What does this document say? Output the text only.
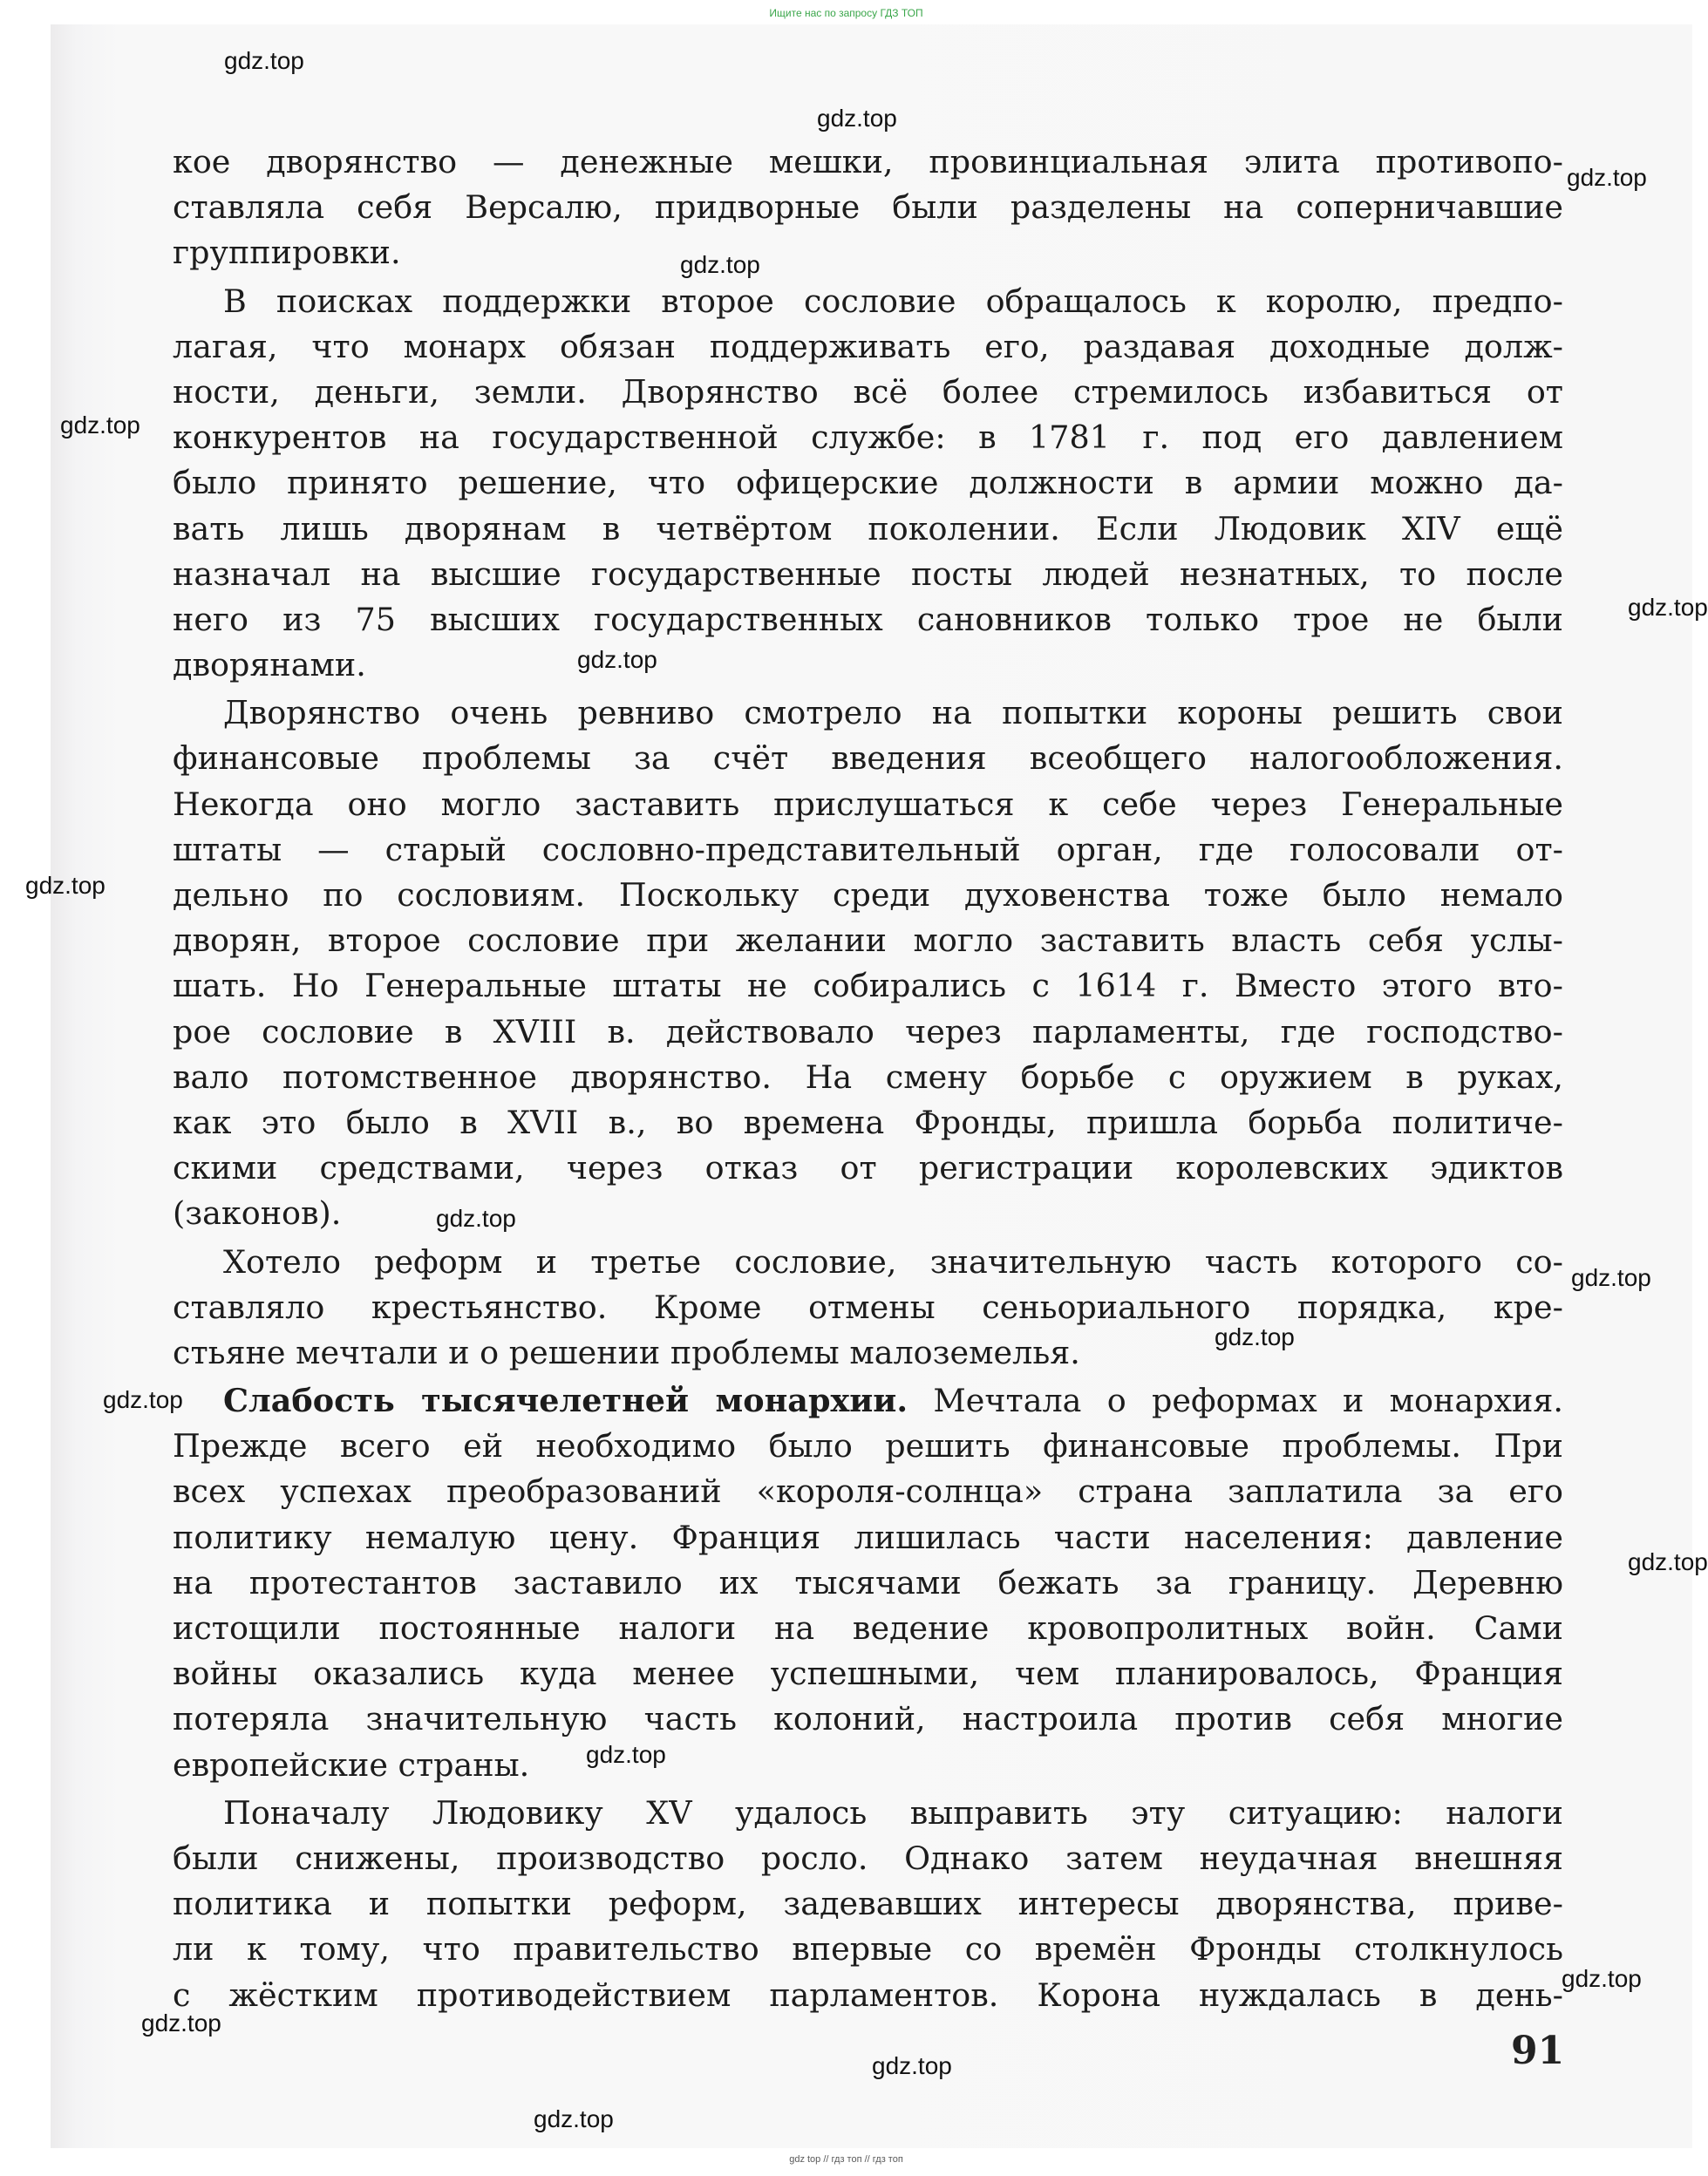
Ищите нас по запросу ГДЗ ТОП
кое дворянство — денежные мешки, провинциальная элита противопо-
ставляла себя Версалю, придворные были разделены на соперничавшие
группировки.
В поисках поддержки второе сословие обращалось к королю, предпо-
лагая, что монарх обязан поддерживать его, раздавая доходные долж-
ности, деньги, земли. Дворянство всё более стремилось избавиться от
конкурентов на государственной службе: в 1781 г. под его давлением
было принято решение, что офицерские должности в армии можно да-
вать лишь дворянам в четвёртом поколении. Если Людовик XIV ещё
назначал на высшие государственные посты людей незнатных, то после
него из 75 высших государственных сановников только трое не были
дворянами.
Дворянство очень ревниво смотрело на попытки короны решить свои
финансовые проблемы за счёт введения всеобщего налогообложения.
Некогда оно могло заставить прислушаться к себе через Генеральные
штаты — старый сословно-представительный орган, где голосовали от-
дельно по сословиям. Поскольку среди духовенства тоже было немало
дворян, второе сословие при желании могло заставить власть себя услы-
шать. Но Генеральные штаты не собирались с 1614 г. Вместо этого вто-
рое сословие в XVIII в. действовало через парламенты, где господство-
вало потомственное дворянство. На смену борьбе с оружием в руках,
как это было в XVII в., во времена Фронды, пришла борьба политиче-
скими средствами, через отказ от регистрации королевских эдиктов
(законов).
Хотело реформ и третье сословие, значительную часть которого со-
ставляло крестьянство. Кроме отмены сеньориального порядка, кре-
стьяне мечтали и о решении проблемы малоземелья.
Слабость тысячелетней монархии. Мечтала о реформах и монархия.
Прежде всего ей необходимо было решить финансовые проблемы. При
всех успехах преобразований «короля-солнца» страна заплатила за его
политику немалую цену. Франция лишилась части населения: давление
на протестантов заставило их тысячами бежать за границу. Деревню
истощили постоянные налоги на ведение кровопролитных войн. Сами
войны оказались куда менее успешными, чем планировалось, Франция
потеряла значительную часть колоний, настроила против себя многие
европейские страны.
Поначалу Людовику XV удалось выправить эту ситуацию: налоги
были снижены, производство росло. Однако затем неудачная внешняя
политика и попытки реформ, задевавших интересы дворянства, приве-
ли к тому, что правительство впервые со времён Фронды столкнулось
с жёстким противодействием парламентов. Корона нуждалась в день-
gdz.top
gdz.top
gdz.top
gdz.top
gdz.top
gdz.top
gdz.top
gdz.top
gdz.top
gdz.top
gdz.top
gdz.top
gdz.top
gdz.top
gdz.top
gdz.top
gdz.top
gdz.top
91
gdz top // гдз топ // гдз топ
